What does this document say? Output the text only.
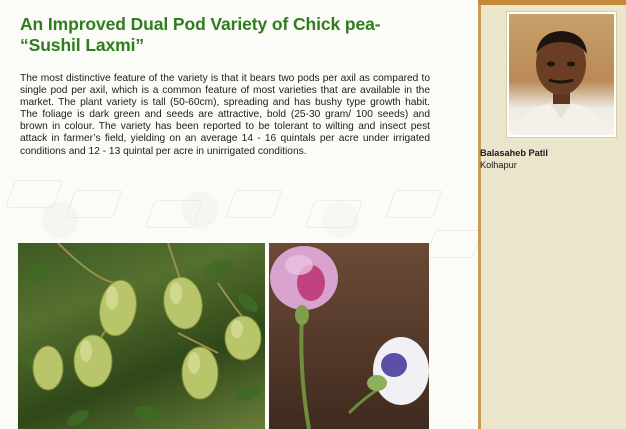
An Improved Dual Pod Variety of Chick pea-
“Sushil Laxmi”

The most distinctive feature of the variety is that it bears two pods per axil as compared to single pod per axil, which is a common feature of most varieties that are available in the market. The plant variety is tall (50-60cm), spreading and has bushy type growth habit. The foliage is dark green and seeds are attractive, bold (25-30 gram/ 100 seeds) and brown in colour. The variety has been reported to be tolerant to wilting and insect pest attack in farmer’s field, yielding on an average 14 - 16 quintals per acre under irrigated conditions and 12 - 13 quintal per acre in unirrigated conditions.	Balasaheb Patil

Kolhapur
